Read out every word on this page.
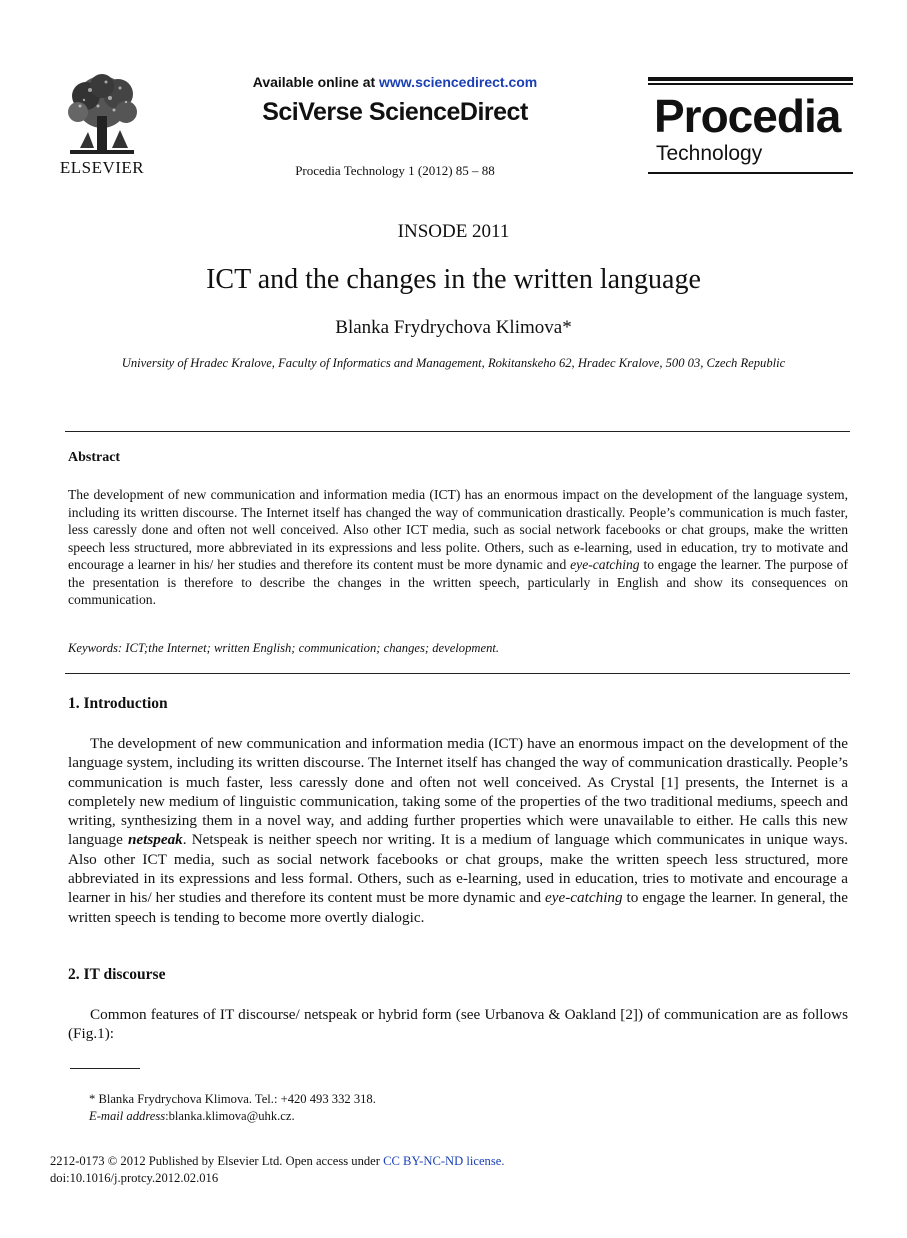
ELSEVIER
Available online at www.sciencedirect.com
SciVerse ScienceDirect
Procedia Technology 1 (2012) 85 – 88
Procedia
Technology
INSODE 2011
ICT and the changes in the written language
Blanka Frydrychova Klimova*
University of Hradec Kralove, Faculty of Informatics and Management, Rokitanskeho 62, Hradec Kralove, 500 03, Czech Republic
Abstract
The development of new communication and information media (ICT) has an enormous impact on the development of the language system, including its written discourse. The Internet itself has changed the way of communication drastically. People’s communication is much faster, less caressly done and often not well conceived. Also other ICT media, such as social network facebooks or chat groups, make the written speech less structured, more abbreviated in its expressions and less polite. Others, such as e-learning, used in education, try to motivate and encourage a learner in his/ her studies and therefore its content must be more dynamic and eye-catching to engage the learner. The purpose of the presentation is therefore to describe the changes in the written speech, particularly in English and show its consequences on communication.
Keywords: ICT;the Internet; written English; communication; changes; development.
1. Introduction
The development of new communication and information media (ICT) have an enormous impact on the development of the language system, including its written discourse. The Internet itself has changed the way of communication drastically. People’s communication is much faster, less caressly done and often not well conceived. As Crystal [1] presents, the Internet is a completely new medium of linguistic communication, taking some of the properties of the two traditional mediums, speech and writing, synthesizing them in a novel way, and adding further properties which were unavailable to either. He calls this new language netspeak. Netspeak is neither speech nor writing. It is a medium of language which communicates in unique ways. Also other ICT media, such as social network facebooks or chat groups, make the written speech less structured, more abbreviated in its expressions and less formal. Others, such as e-learning, used in education, tries to motivate and encourage a learner in his/ her studies and therefore its content must be more dynamic and eye-catching to engage the learner. In general, the written speech is tending to become more overtly dialogic.
2. IT discourse
Common features of IT discourse/ netspeak or hybrid form (see Urbanova & Oakland [2]) of communication are as follows (Fig.1):
* Blanka Frydrychova Klimova. Tel.: +420 493 332 318.
E-mail address:blanka.klimova@uhk.cz.
2212-0173 © 2012 Published by Elsevier Ltd. Open access under CC BY-NC-ND license.
doi:10.1016/j.protcy.2012.02.016
